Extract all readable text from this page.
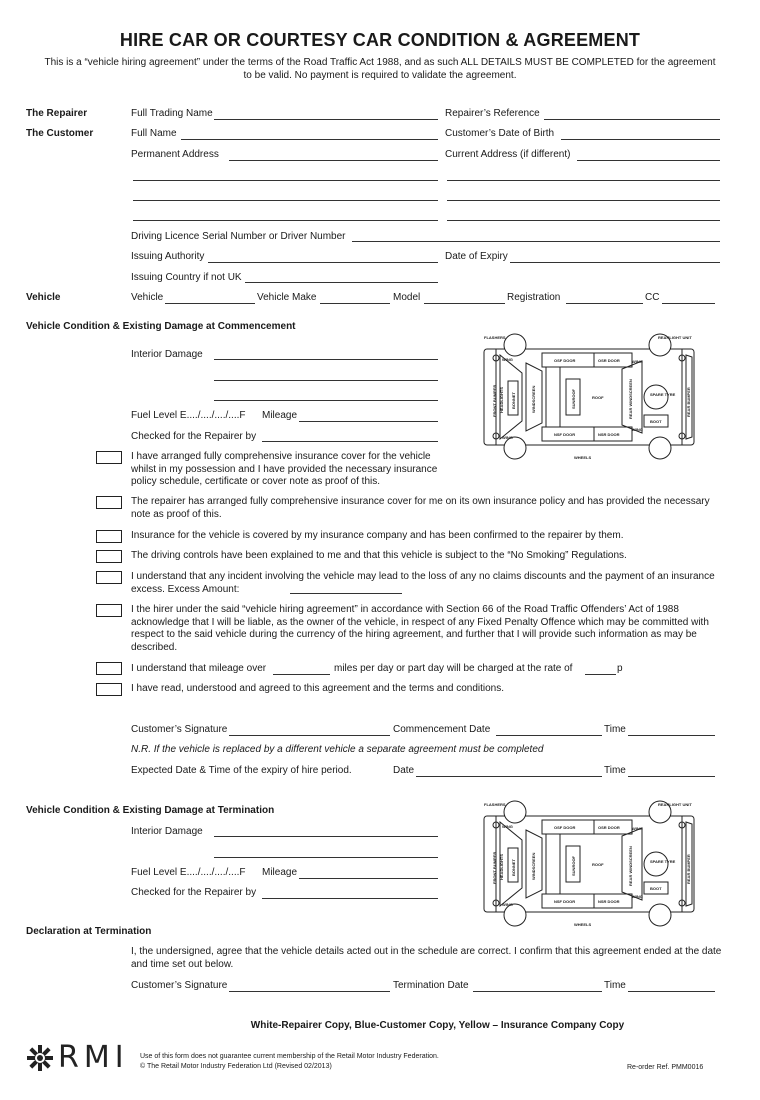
HIRE CAR OR COURTESY CAR CONDITION & AGREEMENT
This is a “vehicle hiring agreement” under the terms of the Road Traffic Act 1988, and as such ALL DETAILS MUST BE COMPLETED for the agreement to be valid. No payment is required to validate the agreement.
The Repairer	Full Trading Name	Repairer’s Reference
The Customer	Full Name	Customer’s Date of Birth
Permanent Address	Current Address (if different)
Driving Licence Serial Number or Driver Number
Issuing Authority	Date of Expiry
Issuing Country if not UK
Vehicle	Vehicle	Vehicle Make	Model	Registration	CC
Vehicle Condition & Existing Damage at Commencement
Interior Damage
Fuel Level E..../..../..../....F Mileage
Checked for the Repairer by
FLASHERS	REARLIGHT UNIT
WING	WING
WING
WING
OSF DOOR	OSR DOOR
NSF DOOR	NSR DOOR
ROOF
SPARE TYRE
BOOT
WHEELS
FRONT BUMPER HEADLIGHTS BONNET	WINDSCREEN	SUNROOF	REAR WINDSCREEN	REAR BUMPER
I have arranged fully comprehensive insurance cover for the vehicle whilst in my possession and I have provided the necessary insurance policy schedule, certificate or cover note as proof of this.
The repairer has arranged fully comprehensive insurance cover for me on its own insurance policy and has provided the necessary note as proof of this.
Insurance for the vehicle is covered by my insurance company and has been confirmed to the repairer by them.
The driving controls have been explained to me and that this vehicle is subject to the “No Smoking” Regulations.
I understand that any incident involving the vehicle may lead to the loss of any no claims discounts and the payment of an insurance excess. Excess Amount:
I the hirer under the said “vehicle hiring agreement” in accordance with Section 66 of the Road Traffic Offenders’ Act of 1988 acknowledge that I will be liable, as the owner of the vehicle, in respect of any Fixed Penalty Offence which may be committed with respect to the said vehicle during the currency of the hiring agreement, and further that I will provide such information as may be described.
I understand that mileage over	miles per day or part day will be charged at the rate of	p
I have read, understood and agreed to this agreement and the terms and conditions.
Customer’s Signature	Commencement Date	Time
N.R. If the vehicle is replaced by a different vehicle a separate agreement must be completed
Expected Date & Time of the expiry of hire period.	Date	Time
Vehicle Condition & Existing Damage at Termination
Interior Damage
Fuel Level E..../..../..../....F Mileage
Checked for the Repairer by
FLASHERS	REARLIGHT UNIT
WING	WING
WING
WING
OSF DOOR	OSR DOOR
NSF DOOR	NSR DOOR
ROOF
SPARE TYRE
BOOT
WHEELS
FRONT BUMPER HEADLIGHTS BONNET	WINDSCREEN	SUNROOF	REAR WINDSCREEN	REAR BUMPER
Declaration at Termination
I, the undersigned, agree that the vehicle details acted out in the schedule are correct. I confirm that this agreement ended at the date and time set out below.
Customer’s Signature	Termination Date	Time
White-Repairer Copy, Blue-Customer Copy, Yellow – Insurance Company Copy
RMI Use of this form does not guarantee current membership of the Retail Motor Industry Federation.
© The Retail Motor Industry Federation Ltd (Revised 02/2013)	Re-order Ref. PMM0016
